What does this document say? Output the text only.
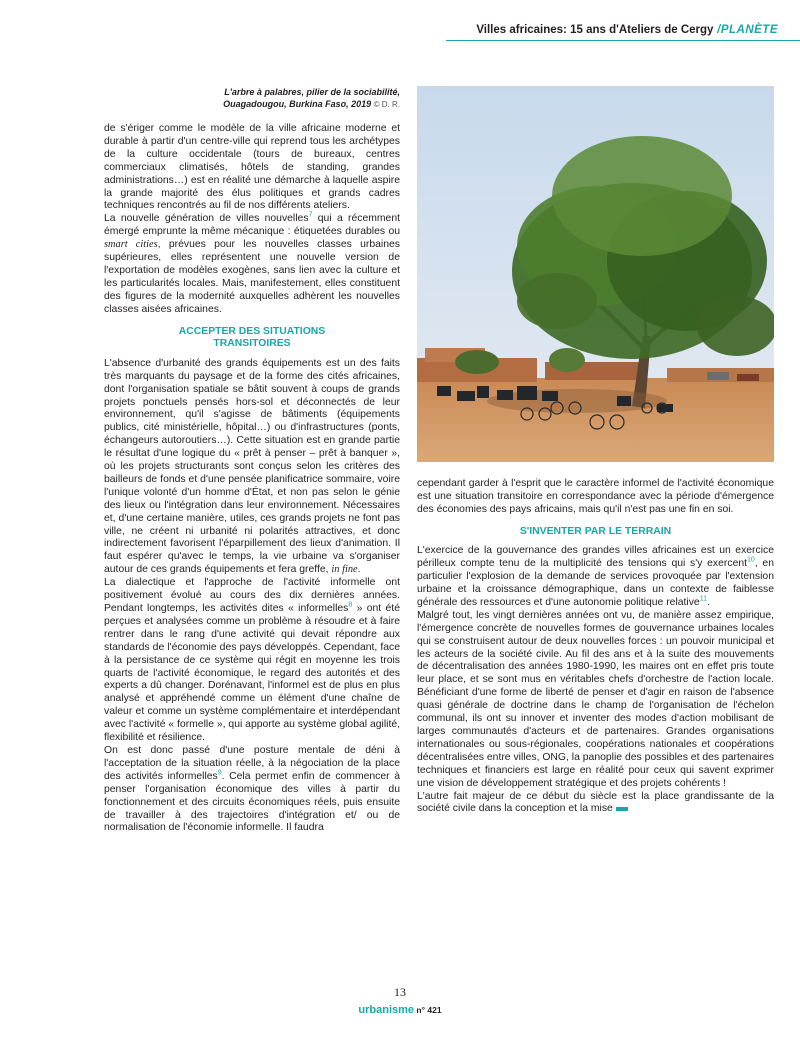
Villes africaines: 15 ans d'Ateliers de Cergy /PLANÈTE
L'arbre à palabres, pilier de la sociabilité,
Ouagadougou, Burkina Faso, 2019 © D. R.

de s'ériger comme le modèle de la ville africaine moderne et durable à partir d'un centre-ville qui reprend tous les archétypes de la culture occidentale (tours de bureaux, centres commerciaux climatisés, hôtels de standing, grandes administrations…) est en réalité une démarche à laquelle aspire la grande majorité des élus politiques et grands cadres techniques rencontrés au fil de nos différents ateliers.

La nouvelle génération de villes nouvelles$^7$ qui a récemment émergé emprunte la même mécanique : étiquetées durables ou smart cities, prévues pour les nouvelles classes urbaines supérieures, elles représentent une nouvelle version de l'exportation de modèles exogènes, sans lien avec la culture et les particularités locales. Mais, manifestement, elles constituent des figures de la modernité auxquelles adhèrent les nouvelles classes aisées africaines.

ACCEPTER DES SITUATIONS
TRANSITOIRES

L'absence d'urbanité des grands équipements est un des faits très marquants du paysage et de la forme des cités africaines, dont l'organisation spatiale se bâtit souvent à coups de grands projets ponctuels pensés hors-sol et déconnectés de leur environnement, qu'il s'agisse de bâtiments (équipements publics, cité ministérielle, hôpital…) ou d'infrastructures (ponts, échangeurs autoroutiers…). Cette situation est en grande partie le résultat d'une logique du « prêt à penser – prêt à banquer », où les projets structurants sont conçus selon les critères des bailleurs de fonds et d'une pensée planificatrice sommaire, voire l'unique volonté d'un homme d'État, et non pas selon le génie des lieux ou l'intégration dans leur environnement. Nécessaires et, d'une certaine manière, utiles, ces grands projets ne font pas ville, ne créent ni urbanité ni polarités attractives, et donc indirectement favorisent l'éparpillement des lieux d'animation. Il faut espérer qu'avec le temps, la vie urbaine va s'organiser autour de ces grands équipements et fera greffe, in fine.

La dialectique et l'approche de l'activité informelle ont positivement évolué au cours des dix dernières années. Pendant longtemps, les activités dites « informelles$^8$ » ont été perçues et analysées comme un problème à résoudre et à faire rentrer dans le rang d'une activité qui devait répondre aux standards de l'économie des pays développés. Cependant, face à la persistance de ce système qui régit en moyenne les trois quarts de l'activité économique, le regard des autorités et des experts a dû changer. Dorénavant, l'informel est de plus en plus analysé et appréhendé comme un élément d'une chaîne de valeur et comme un système complémentaire et interdépendant avec l'activité « formelle », qui apporte au système global agilité, flexibilité et résilience.

On est donc passé d'une posture mentale de déni à l'acceptation de la situation réelle, à la négociation de la place des activités informelles$^9$. Cela permet enfin de commencer à penser l'organisation économique des villes à partir du fonctionnement et des circuits économiques réels, puis ensuite de travailler à des trajectoires d'intégration et/ ou de normalisation de l'économie informelle. Il faudra

cependant garder à l'esprit que le caractère informel de l'activité économique est une situation transitoire en correspondance avec la période d'émergence des économies des pays africains, mais qu'il n'est pas une fin en soi.

S'INVENTER PAR LE TERRAIN

L'exercice de la gouvernance des grandes villes africaines est un exercice périlleux compte tenu de la multiplicité des tensions qui s'y exercent$^{10}$, en particulier l'explosion de la demande de services provoquée par l'extension urbaine et la croissance démographique, dans un contexte de faiblesse générale des ressources et d'une autonomie politique relative$^{11}$.

Malgré tout, les vingt dernières années ont vu, de manière assez empirique, l'émergence concrète de nouvelles formes de gouvernance urbaines locales qui se construisent autour de deux nouvelles forces : un pouvoir municipal et les acteurs de la société civile. Au fil des ans et à la suite des mouvements de décentralisation des années 1980-1990, les maires ont en effet pris toute leur place, et se sont mus en véritables chefs d'orchestre de l'action locale. Bénéficiant d'une forme de liberté de penser et d'agir en raison de l'absence quasi générale de doctrine dans le champ de l'organisation de l'échelon communal, ils ont su innover et inventer des modes d'action mobilisant de larges communautés d'acteurs et de partenaires. Grandes organisations internationales ou sous-régionales, coopérations nationales et coopérations décentralisées entre villes, ONG, la panoplie des possibles et des partenaires techniques et financiers est large en réalité pour ceux qui savent exprimer une vision de développement stratégique et des projets cohérents !

L'autre fait majeur de ce début du siècle est la place grandissante de la société civile dans la conception et la mise

13
urbanisme n° 421
